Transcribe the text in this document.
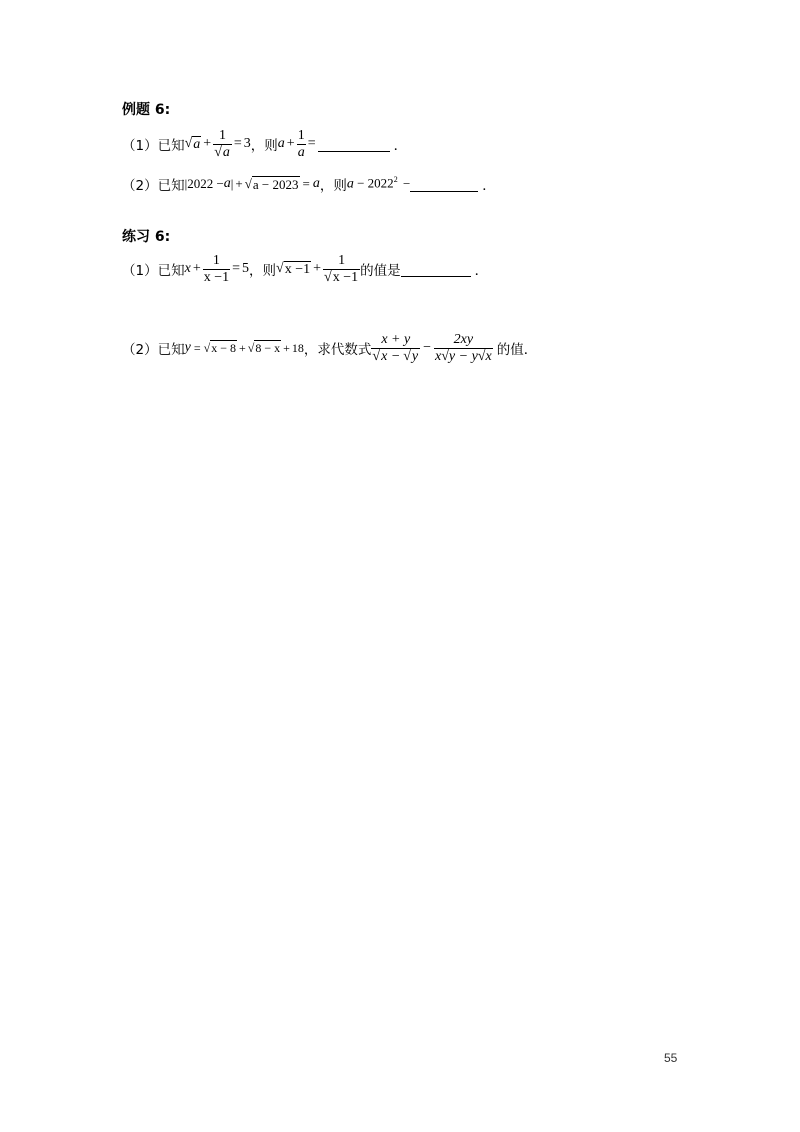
例题 6:
（1） 已知 √ $a + \frac{1}{√a} = 3$ ，则 $a + \frac{1}{a}$ =	．
（2） 已知 | 2022 − a | + √ a − 2023 = a ，则 $a - 2022^2$ −	．
练习 6:
（1） 已知 $x + \frac{1}{x -1} = 5$ ，则 √ $x -1 + \frac{1}{√x -1}$ 的值是	．
（2） 已知 y = √ x − 8 + √ 8 − x + 18 ，求代数式 $\frac{x + y}{√x - √y} - \frac{2xy}{x√y - y√x}$ 的值．
55
